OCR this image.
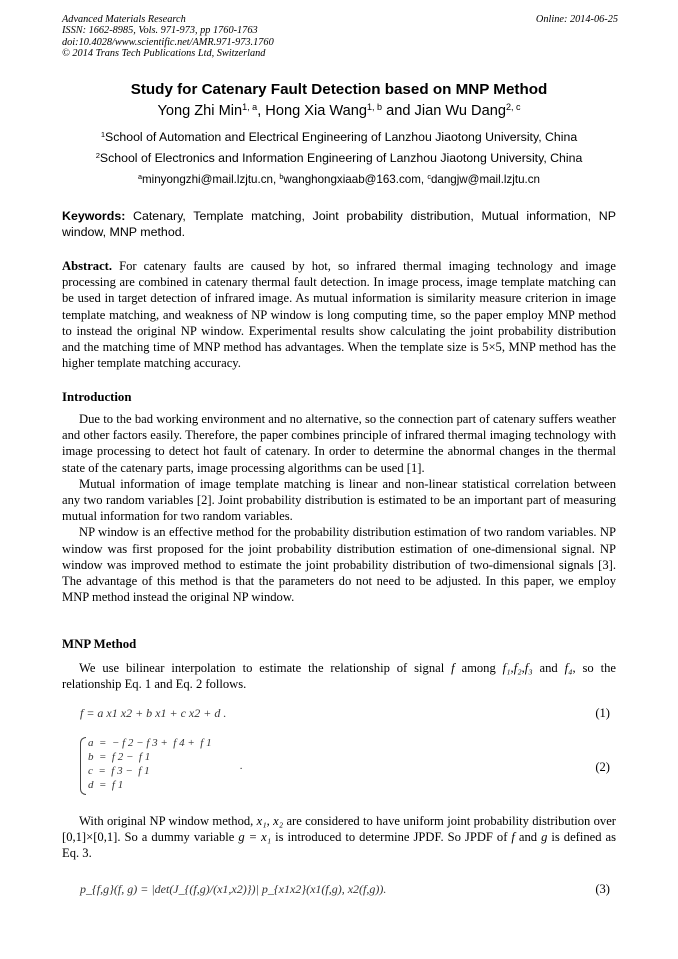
Advanced Materials Research
ISSN: 1662-8985, Vols. 971-973, pp 1760-1763
doi:10.4028/www.scientific.net/AMR.971-973.1760
© 2014 Trans Tech Publications Ltd, Switzerland
Online: 2014-06-25
Study for Catenary Fault Detection based on MNP Method
Yong Zhi Min$^{1, a}$, Hong Xia Wang$^{1, b}$ and Jian Wu Dang$^{2, c}$
$^1$School of Automation and Electrical Engineering of Lanzhou Jiaotong University, China
$^2$School of Electronics and Information Engineering of Lanzhou Jiaotong University, China
$^a$minyongzhi@mail.lzjtu.cn, $^b$wanghongxiaab@163.com, $^c$dangjw@mail.lzjtu.cn
Keywords: Catenary, Template matching, Joint probability distribution, Mutual information, NP window, MNP method.

Abstract. For catenary faults are caused by hot, so infrared thermal imaging technology and image processing are combined in catenary thermal fault detection. In image process, image template matching can be used in target detection of infrared image. As mutual information is similarity measure criterion in image template matching, and weakness of NP window is long computing time, so the paper employ MNP method to instead the original NP window. Experimental results show calculating the joint probability distribution and the matching time of MNP method has advantages. When the template size is 5×5, MNP method has the higher template matching accuracy.

Introduction

Due to the bad working environment and no alternative, so the connection part of catenary suffers weather and other factors easily. Therefore, the paper combines principle of infrared thermal imaging technology with image processing to detect hot fault of catenary. In order to determine the abnormal changes in the thermal state of the catenary parts, image processing algorithms can be used [1].

Mutual information of image template matching is linear and non-linear statistical correlation between any two random variables [2]. Joint probability distribution is estimated to be an important part of measuring mutual information for two random variables.

NP window is an effective method for the probability distribution estimation of two random variables. NP window was first proposed for the joint probability distribution estimation of one-dimensional signal. NP window was improved method to estimate the joint probability distribution of two-dimensional signals [3]. The advantage of this method is that the parameters do not need to be adjusted. In this paper, we employ MNP method instead the original NP window.

MNP Method

We use bilinear interpolation to estimate the relationship of signal f among f₁,f₂,f₃ and f₄, so the relationship Eq. 1 and Eq. 2 follows.

f = a x1 x2 + b x1 + c x2 + d .	(1)
a  =  − f 2 − f 3 +  f 4 +  f 1
b  =  f 2 −  f 1
c  =  f 3 −  f 1
d  =  f 1
.	(2)

With original NP window method, x₁, x₂ are considered to have uniform joint probability distribution over [0,1]×[0,1]. So a dummy variable g = x₁ is introduced to determine JPDF. So JPDF of f and g is defined as Eq. 3.

p_{f,g}(f, g) = |det(J_{(f,g)/(x1,x2)})| p_{x1x2}(x1(f,g), x2(f,g)).	(3)
